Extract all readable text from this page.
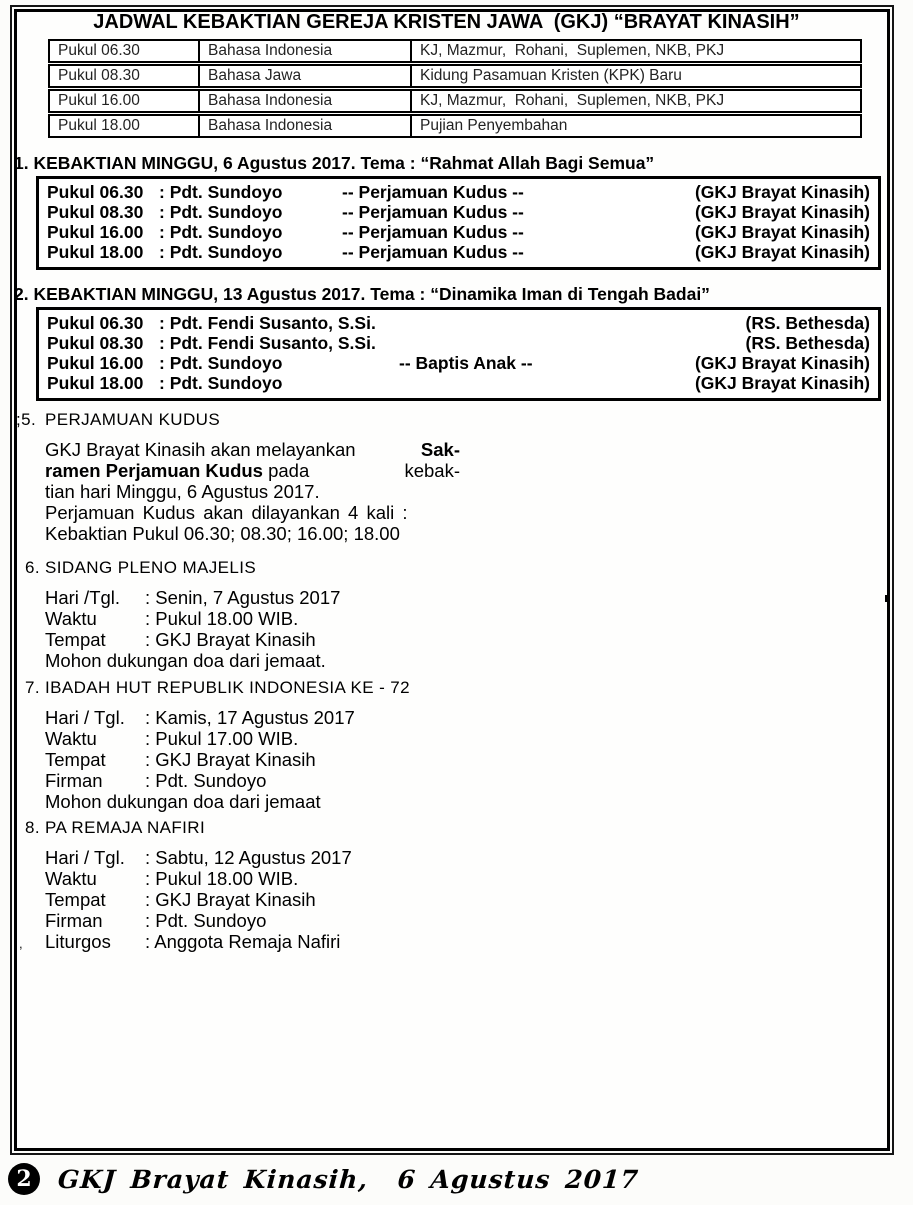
JADWAL KEBAKTIAN GEREJA KRISTEN JAWA  (GKJ) “BRAYAT KINASIH”
Pukul 06.30	Bahasa Indonesia	KJ, Mazmur,  Rohani,  Suplemen, NKB, PKJ
Pukul 08.30	Bahasa Jawa	Kidung Pasamuan Kristen (KPK) Baru
Pukul 16.00	Bahasa Indonesia	KJ, Mazmur,  Rohani,  Suplemen, NKB, PKJ
Pukul 18.00	Bahasa Indonesia	Pujian Penyembahan
1. KEBAKTIAN MINGGU, 6 Agustus 2017. Tema : “Rahmat Allah Bagi Semua”
Pukul 06.30 : Pdt. Sundoyo	-- Perjamuan Kudus --	(GKJ Brayat Kinasih)
Pukul 08.30 : Pdt. Sundoyo	-- Perjamuan Kudus --	(GKJ Brayat Kinasih)
Pukul 16.00 : Pdt. Sundoyo	-- Perjamuan Kudus --	(GKJ Brayat Kinasih)
Pukul 18.00 : Pdt. Sundoyo	-- Perjamuan Kudus --	(GKJ Brayat Kinasih)
2. KEBAKTIAN MINGGU, 13 Agustus 2017. Tema : “Dinamika Iman di Tengah Badai”
Pukul 06.30 : Pdt. Fendi Susanto, S.Si.	(RS. Bethesda)
Pukul 08.30 : Pdt. Fendi Susanto, S.Si.	(RS. Bethesda)
Pukul 16.00 : Pdt. Sundoyo	-- Baptis Anak --	(GKJ Brayat Kinasih)
Pukul 18.00 : Pdt. Sundoyo	(GKJ Brayat Kinasih)
;5. PERJAMUAN KUDUS
GKJ Brayat Kinasih akan melayankan	Sak-
ramen Perjamuan Kudus pada	kebak-
tian hari Minggu, 6 Agustus 2017.
Perjamuan Kudus akan dilayankan 4 kali :
Kebaktian Pukul 06.30; 08.30; 16.00; 18.00
6. SIDANG PLENO MAJELIS
Hari /Tgl.	: Senin, 7 Agustus 2017
Waktu	: Pukul 18.00 WIB.
Tempat	: GKJ Brayat Kinasih
Mohon dukungan doa dari jemaat.
7. IBADAH HUT REPUBLIK INDONESIA KE - 72
Hari / Tgl.	: Kamis, 17 Agustus 2017
Waktu	: Pukul 17.00 WIB.
Tempat	: GKJ Brayat Kinasih
Firman	: Pdt. Sundoyo
Mohon dukungan doa dari jemaat
8. PA REMAJA NAFIRI
Hari / Tgl.	: Sabtu, 12 Agustus 2017
Waktu	: Pukul 18.00 WIB.
Tempat	: GKJ Brayat Kinasih
Firman	: Pdt. Sundoyo
Liturgos	: Anggota Remaja Nafiri
,
2 GKJ Brayat Kinasih,  6 Agustus 2017
